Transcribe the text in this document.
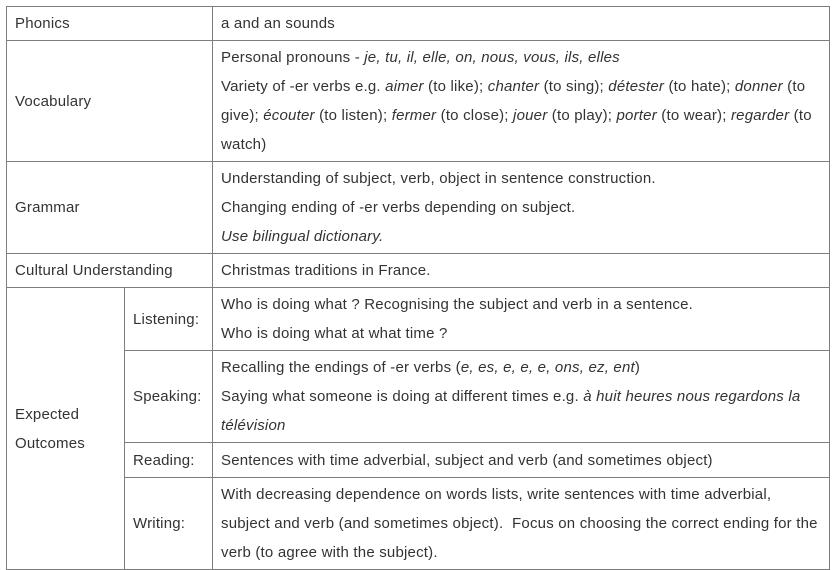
Phonics		a and an sounds

Vocabulary		Personal pronouns - je, tu, il, elle, on, nous, vous, ils, elles

Variety of -er verbs e.g. aimer (to like); chanter (to sing); détester (to hate); donner (to give); écouter (to listen); fermer (to close); jouer (to play); porter (to wear); regarder (to watch)

Grammar		Understanding of subject, verb, object in sentence construction.

Changing ending of -er verbs depending on subject.

Use bilingual dictionary.

Cultural Understanding		Christmas traditions in France.

Expected Outcomes	Listening:	Who is doing what ? Recognising the subject and verb in a sentence.

Who is doing what at what time ?

	Speaking:	Recalling the endings of -er verbs (e, es, e, e, e, ons, ez, ent)

Saying what someone is doing at different times e.g. à huit heures nous regardons la télévision

	Reading:	Sentences with time adverbial, subject and verb (and sometimes object)

	Writing:	With decreasing dependence on words lists, write sentences with time adverbial, subject and verb (and sometimes object).  Focus on choosing the correct ending for the verb (to agree with the subject).
